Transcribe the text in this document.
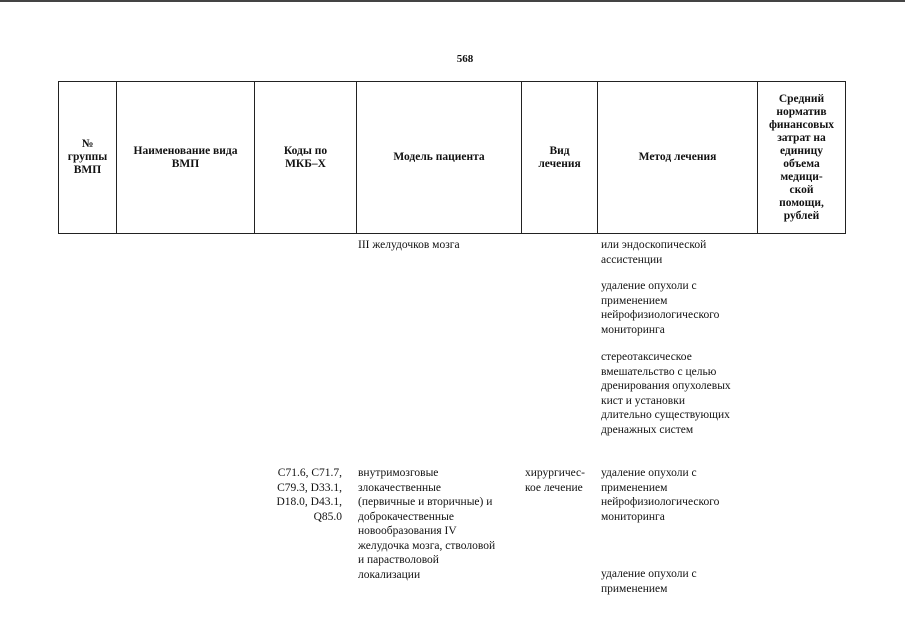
568
№
группы
ВМП
Наименование вида
ВМП
Коды по
МКБ–Х
Модель пациента
Вид
лечения
Метод лечения
Средний
норматив
финансовых
затрат на
единицу
объема
медици-
ской
помощи,
рублей
III желудочков мозга	или эндоскопической
ассистенции
удаление опухоли с
применением
нейрофизиологического
мониторинга
стереотаксическое
вмешательство с целью
дренирования опухолевых
кист и установки
длительно существующих
дренажных систем
C71.6, C71.7,
C79.3, D33.1,
D18.0, D43.1,
Q85.0
внутримозговые
злокачественные
(первичные и вторичные) и
доброкачественные
новообразования IV
желудочка мозга, стволовой
и парастволовой
локализации
хирургичес-
кое лечение
удаление опухоли с
применением
нейрофизиологического
мониторинга
удаление опухоли с
применением
